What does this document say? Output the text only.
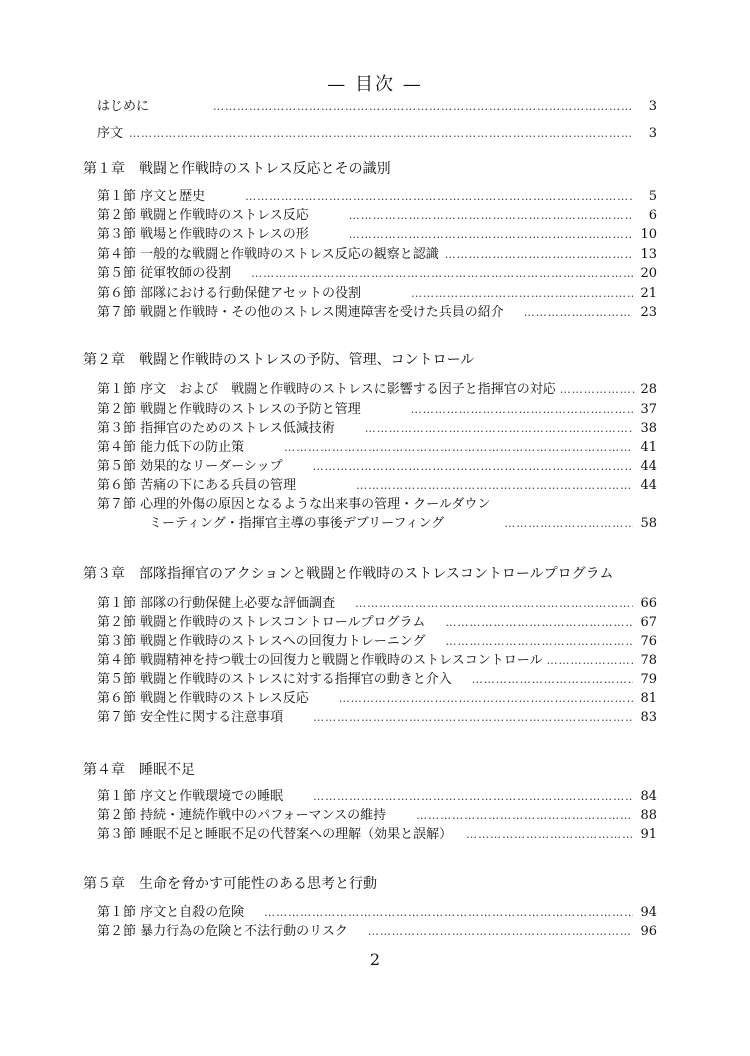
— 目次 —
はじめに ………………………………………………………………………………………………………………………………………………………………………………………………………	3
序文 ………………………………………………………………………………………………………………………………………………………………………………………………………	3
第１章　戦闘と作戦時のストレス反応とその識別
第１節 序文と歴史 ………………………………………………………………………………………………………………………………………………………………………………………………………	5
第２節 戦闘と作戦時のストレス反応 ………………………………………………………………………………………………………………………………………………………………………………………………………	6
第３節 戦場と作戦時のストレスの形 ………………………………………………………………………………………………………………………………………………………………………………………………………	10
第４節 一般的な戦闘と作戦時のストレス反応の観察と認識 ………………………………………………………………………………………………………………………………………………………………………………………………………	13
第５節 従軍牧師の役割 ………………………………………………………………………………………………………………………………………………………………………………………………………	20
第６節 部隊における行動保健アセットの役割 ………………………………………………………………………………………………………………………………………………………………………………………………………	21
第７節 戦闘と作戦時・その他のストレス関連障害を受けた兵員の紹介 ………………………………………………………………………………………………………………………………………………………………………………………………………	23
第２章　戦闘と作戦時のストレスの予防、管理、コントロール
第１節 序文　および　戦闘と作戦時のストレスに影響する因子と指揮官の対応 ………………………………………………………………………………………………………………………………………………………………………………………………………	28
第２節 戦闘と作戦時のストレスの予防と管理 ………………………………………………………………………………………………………………………………………………………………………………………………………	37
第３節 指揮官のためのストレス低減技術 ………………………………………………………………………………………………………………………………………………………………………………………………………	38
第４節 能力低下の防止策 ………………………………………………………………………………………………………………………………………………………………………………………………………	41
第５節 効果的なリーダーシップ ………………………………………………………………………………………………………………………………………………………………………………………………………	44
第６節 苦痛の下にある兵員の管理 ………………………………………………………………………………………………………………………………………………………………………………………………………	44
第７節 心理的外傷の原因となるような出来事の管理・クールダウン
ミーティング・指揮官主導の事後デブリーフィング ………………………………………………………………………………………………………………………………………………………………………………………………………	58
第３章　部隊指揮官のアクションと戦闘と作戦時のストレスコントロールプログラム
第１節 部隊の行動保健上必要な評価調査 ………………………………………………………………………………………………………………………………………………………………………………………………………	66
第２節 戦闘と作戦時のストレスコントロールプログラム ………………………………………………………………………………………………………………………………………………………………………………………………………	67
第３節 戦闘と作戦時のストレスへの回復力トレーニング ………………………………………………………………………………………………………………………………………………………………………………………………………	76
第４節 戦闘精神を持つ戦士の回復力と戦闘と作戦時のストレスコントロール ………………………………………………………………………………………………………………………………………………………………………………………………………	78
第５節 戦闘と作戦時のストレスに対する指揮官の動きと介入 ………………………………………………………………………………………………………………………………………………………………………………………………………	79
第６節 戦闘と作戦時のストレス反応 ………………………………………………………………………………………………………………………………………………………………………………………………………	81
第７節 安全性に関する注意事項 ………………………………………………………………………………………………………………………………………………………………………………………………………	83
第４章　睡眠不足
第１節 序文と作戦環境での睡眠 ………………………………………………………………………………………………………………………………………………………………………………………………………	84
第２節 持続・連続作戦中のパフォーマンスの維持 ………………………………………………………………………………………………………………………………………………………………………………………………………	88
第３節 睡眠不足と睡眠不足の代替案への理解（効果と誤解） ………………………………………………………………………………………………………………………………………………………………………………………………………	91
第５章　生命を脅かす可能性のある思考と行動
第１節 序文と自殺の危険 ………………………………………………………………………………………………………………………………………………………………………………………………………	94
第２節 暴力行為の危険と不法行動のリスク ………………………………………………………………………………………………………………………………………………………………………………………………………	96
2
